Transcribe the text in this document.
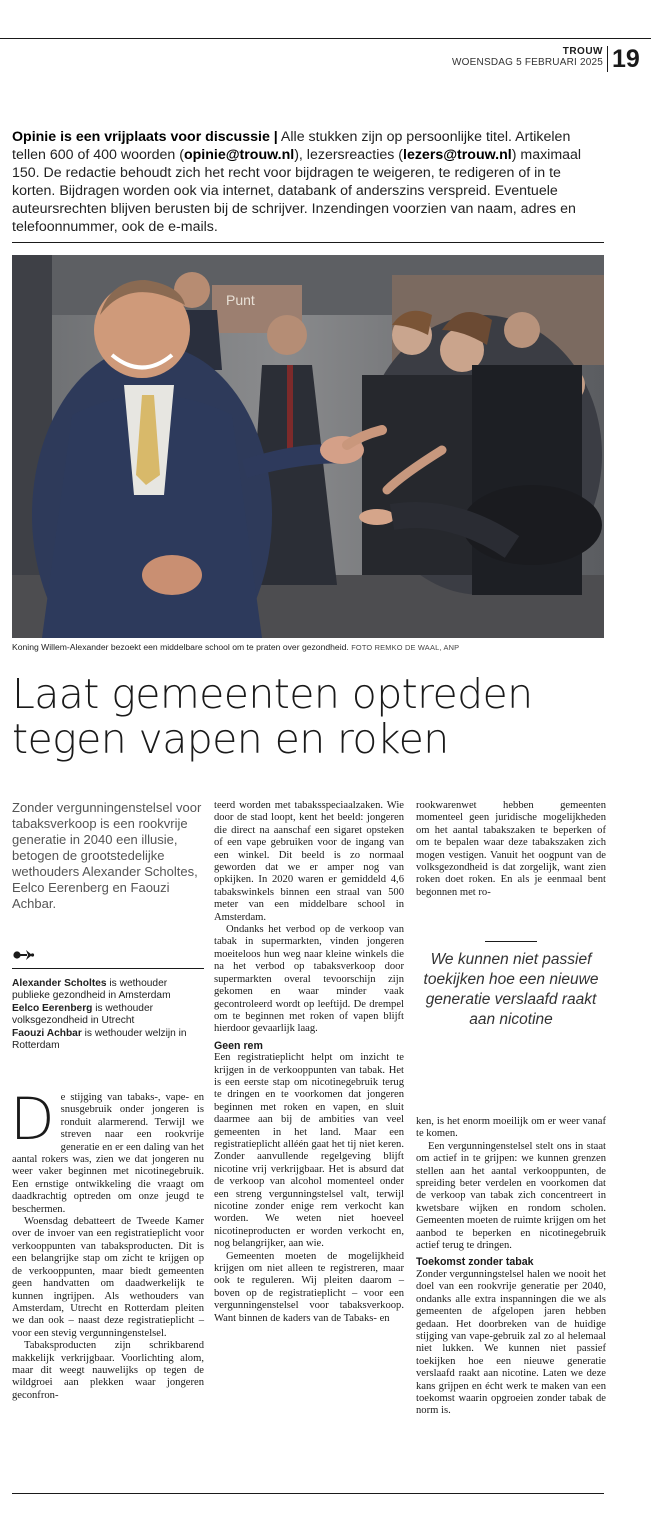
TROUW
WOENSDAG 5 FEBRUARI 2025 19
Opinie is een vrijplaats voor discussie | Alle stukken zijn op persoonlijke titel. Artikelen tellen 600 of 400 woorden (opinie@trouw.nl), lezersreacties (lezers@trouw.nl) maximaal 150. De redactie behoudt zich het recht voor bijdragen te weigeren, te redigeren of in te korten. Bijdragen worden ook via internet, databank of anderszins verspreid. Eventuele auteursrechten blijven berusten bij de schrijver. Inzendingen voorzien van naam, adres en telefoonnummer, ook de e-mails.
Punt
Koning Willem-Alexander bezoekt een middelbare school om te praten over gezondheid. FOTO REMKO DE WAAL, ANP
Laat gemeenten optreden
tegen vapen en roken
Zonder vergunningenstelsel voor tabaksverkoop is een rookvrije generatie in 2040 een illusie, betogen de grootstedelijke wethouders Alexander Scholtes, Eelco Eerenberg en Faouzi Achbar.
Alexander Scholtes is wethouder publieke gezondheid in Amsterdam
Eelco Eerenberg is wethouder volksgezondheid in Utrecht
Faouzi Achbar is wethouder welzijn in Rotterdam

De stijging van tabaks-, vape- en snusgebruik onder jongeren is ronduit alarmerend. Terwijl we streven naar een rookvrije generatie en er een daling van het aantal rokers was, zien we dat jongeren nu weer vaker beginnen met nicotinegebruik. Een ernstige ontwikkeling die vraagt om daadkrachtig optreden om onze jeugd te beschermen.

Woensdag debatteert de Tweede Kamer over de invoer van een registratieplicht voor verkooppunten van tabaksproducten. Dit is een belangrijke stap om zicht te krijgen op de verkooppunten, maar biedt gemeenten geen handvatten om daadwerkelijk te kunnen ingrijpen. Als wethouders van Amsterdam, Utrecht en Rotterdam pleiten we dan ook – naast deze registratieplicht – voor een stevig vergunningenstelsel.

Tabaksproducten zijn schrikbarend makkelijk verkrijgbaar. Voorlichting alom, maar dit weegt nauwelijks op tegen de wildgroei aan plekken waar jongeren geconfron-

teerd worden met tabaksspeciaalzaken. Wie door de stad loopt, kent het beeld: jongeren die direct na aanschaf een sigaret opsteken of een vape gebruiken voor de ingang van een winkel. Dit beeld is zo normaal geworden dat we er amper nog van opkijken. In 2020 waren er gemiddeld 4,6 tabakswinkels binnen een straal van 500 meter van een middelbare school in Amsterdam.

Ondanks het verbod op de verkoop van tabak in supermarkten, vinden jongeren moeiteloos hun weg naar kleine winkels die na het verbod op tabaksverkoop door supermarkten overal tevoorschijn zijn gekomen en waar minder vaak gecontroleerd wordt op leeftijd. De drempel om te beginnen met roken of vapen blijft hierdoor gevaarlijk laag.

Geen rem

Een registratieplicht helpt om inzicht te krijgen in de verkooppunten van tabak. Het is een eerste stap om nicotinegebruik terug te dringen en te voorkomen dat jongeren beginnen met roken en vapen, en sluit daarmee aan bij de ambities van veel gemeenten in het land. Maar een registratieplicht alléén gaat het tij niet keren. Zonder aanvullende regelgeving blijft nicotine vrij verkrijgbaar. Het is absurd dat de verkoop van alcohol momenteel onder een streng vergunningstelsel valt, terwijl nicotine zonder enige rem verkocht kan worden. We weten niet hoeveel nicotineproducten er worden verkocht en, nog belangrijker, aan wie.

Gemeenten moeten de mogelijkheid krijgen om niet alleen te registreren, maar ook te reguleren. Wij pleiten daarom – boven op de registratieplicht – voor een vergunningenstelsel voor tabaksverkoop. Want binnen de kaders van de Tabaks- en

rookwarenwet hebben gemeenten momenteel geen juridische mogelijkheden om het aantal tabakszaken te beperken of om te bepalen waar deze tabakszaken zich mogen vestigen. Vanuit het oogpunt van de volksgezondheid is dat zorgelijk, want zien roken doet roken. En als je eenmaal bent begonnen met ro-

We kunnen niet passief toekijken hoe een nieuwe generatie verslaafd raakt aan nicotine

ken, is het enorm moeilijk om er weer vanaf te komen.

Een vergunningenstelsel stelt ons in staat om actief in te grijpen: we kunnen grenzen stellen aan het aantal verkooppunten, de spreiding beter verdelen en voorkomen dat de verkoop van tabak zich concentreert in kwetsbare wijken en rondom scholen. Gemeenten moeten de ruimte krijgen om het aanbod te beperken en nicotinegebruik actief terug te dringen.

Toekomst zonder tabak

Zonder vergunningstelsel halen we nooit het doel van een rookvrije generatie per 2040, ondanks alle extra inspanningen die we als gemeenten de afgelopen jaren hebben gedaan. Het doorbreken van de huidige stijging van vape-gebruik zal zo al helemaal niet lukken. We kunnen niet passief toekijken hoe een nieuwe generatie verslaafd raakt aan nicotine. Laten we deze kans grijpen en écht werk te maken van een toekomst waarin opgroeien zonder tabak de norm is.
